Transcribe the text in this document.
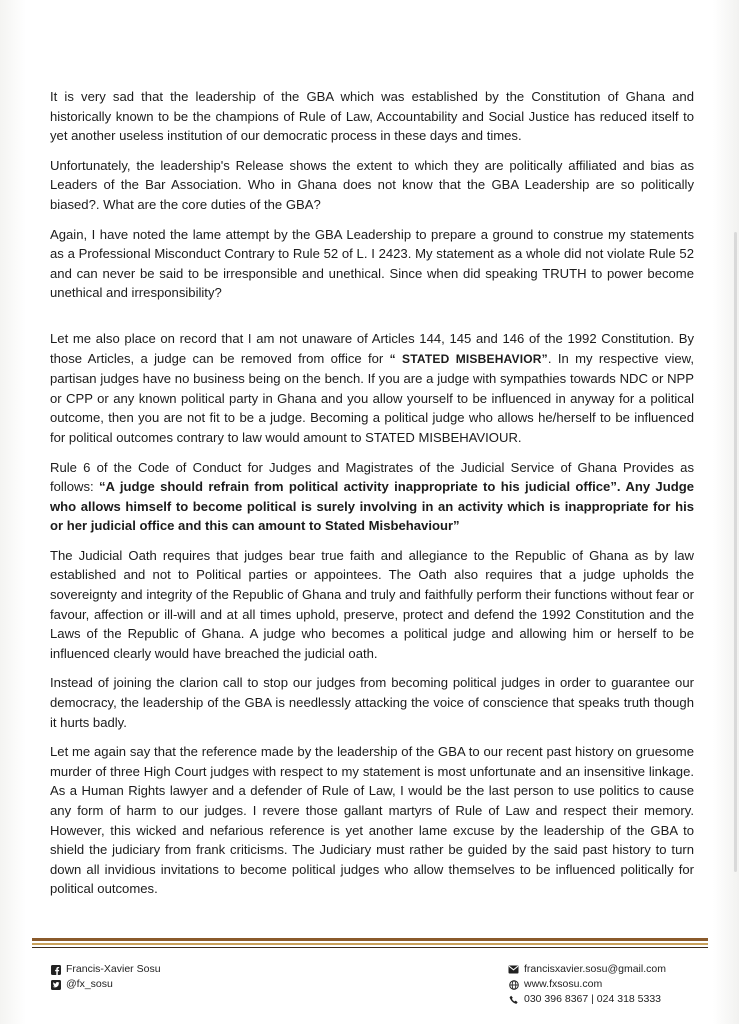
It is very sad that the leadership of the GBA which was established by the Constitution of Ghana and historically known to be the champions of Rule of Law, Accountability and Social Justice has reduced itself to yet another useless institution of our democratic process in these days and times.

Unfortunately, the leadership's Release shows the extent to which they are politically affiliated and bias as Leaders of the Bar Association. Who in Ghana does not know that the GBA Leadership are so politically biased?. What are the core duties of the GBA?

Again, I have noted the lame attempt by the GBA Leadership to prepare a ground to construe my statements as a Professional Misconduct Contrary to Rule 52 of L. I 2423. My statement as a whole did not violate Rule 52 and can never be said to be irresponsible and unethical. Since when did speaking TRUTH to power become unethical and irresponsibility?

Let me also place on record that I am not unaware of Articles 144, 145 and 146 of the 1992 Constitution. By those Articles, a judge can be removed from office for “ STATED MISBEHAVIOR”. In my respective view, partisan judges have no business being on the bench. If you are a judge with sympathies towards NDC or NPP or CPP or any known political party in Ghana and you allow yourself to be influenced in anyway for a political outcome, then you are not fit to be a judge. Becoming a political judge who allows he/herself to be influenced for political outcomes contrary to law would amount to STATED MISBEHAVIOUR.

Rule 6 of the Code of Conduct for Judges and Magistrates of the Judicial Service of Ghana Provides as follows: “A judge should refrain from political activity inappropriate to his judicial office”. Any Judge who allows himself to become political is surely involving in an activity which is inappropriate for his or her judicial office and this can amount to Stated Misbehaviour”

The Judicial Oath requires that judges bear true faith and allegiance to the Republic of Ghana as by law established and not to Political parties or appointees. The Oath also requires that a judge upholds the sovereignty and integrity of the Republic of Ghana and truly and faithfully perform their functions without fear or favour, affection or ill-will and at all times uphold, preserve, protect and defend the 1992 Constitution and the Laws of the Republic of Ghana. A judge who becomes a political judge and allowing him or herself to be influenced clearly would have breached the judicial oath.

Instead of joining the clarion call to stop our judges from becoming political judges in order to guarantee our democracy, the leadership of the GBA is needlessly attacking the voice of conscience that speaks truth though it hurts badly.

Let me again say that the reference made by the leadership of the GBA to our recent past history on gruesome murder of three High Court judges with respect to my statement is most unfortunate and an insensitive linkage. As a Human Rights lawyer and a defender of Rule of Law, I would be the last person to use politics to cause any form of harm to our judges. I revere those gallant martyrs of Rule of Law and respect their memory. However, this wicked and nefarious reference is yet another lame excuse by the leadership of the GBA to shield the judiciary from frank criticisms. The Judiciary must rather be guided by the said past history to turn down all invidious invitations to become political judges who allow themselves to be influenced politically for political outcomes.

Francis-Xavier Sosu
@fx_sosu
francisxavier.sosu@gmail.com
www.fxsosu.com
030 396 8367 | 024 318 5333
